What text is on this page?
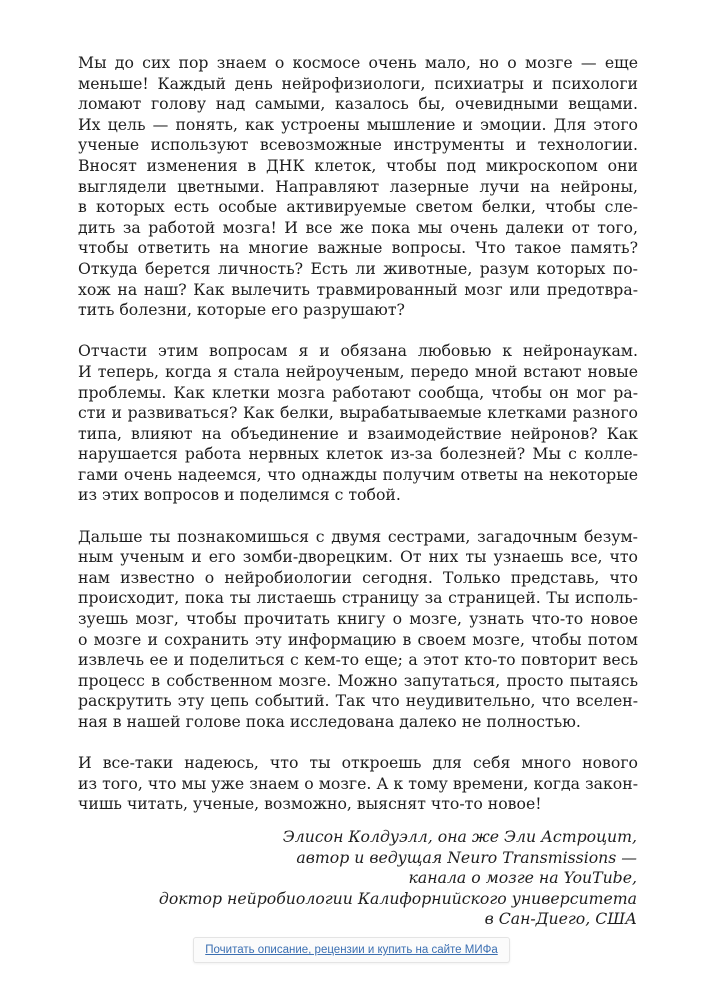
Мы до сих пор знаем о космосе очень мало, но о мозге — еще
меньше! Каждый день нейрофизиологи, психиатры и психологи
ломают голову над самыми, казалось бы, очевидными вещами.
Их цель — понять, как устроены мышление и эмоции. Для этого
ученые используют всевозможные инструменты и технологии.
Вносят изменения в ДНК клеток, чтобы под микроскопом они
выглядели цветными. Направляют лазерные лучи на нейроны,
в которых есть особые активируемые светом белки, чтобы сле-
дить за работой мозга! И все же пока мы очень далеки от того,
чтобы ответить на многие важные вопросы. Что такое память?
Откуда берется личность? Есть ли животные, разум которых по-
хож на наш? Как вылечить травмированный мозг или предотвра-
тить болезни, которые его разрушают?

Отчасти этим вопросам я и обязана любовью к нейронаукам.
И теперь, когда я стала нейроученым, передо мной встают новые
проблемы. Как клетки мозга работают сообща, чтобы он мог ра-
сти и развиваться? Как белки, вырабатываемые клетками разного
типа, влияют на объединение и взаимодействие нейронов? Как
нарушается работа нервных клеток из-за болезней? Мы с колле-
гами очень надеемся, что однажды получим ответы на некоторые
из этих вопросов и поделимся с тобой.

Дальше ты познакомишься с двумя сестрами, загадочным безум-
ным ученым и его зомби-дворецким. От них ты узнаешь все, что
нам известно о нейробиологии сегодня. Только представь, что
происходит, пока ты листаешь страницу за страницей. Ты исполь-
зуешь мозг, чтобы прочитать книгу о мозге, узнать что-то новое
о мозге и сохранить эту информацию в своем мозге, чтобы потом
извлечь ее и поделиться с кем-то еще; а этот кто-то повторит весь
процесс в собственном мозге. Можно запутаться, просто пытаясь
раскрутить эту цепь событий. Так что неудивительно, что вселен-
ная в нашей голове пока исследована далеко не полностью.

И все-таки надеюсь, что ты откроешь для себя много нового
из того, что мы уже знаем о мозге. А к тому времени, когда закон-
чишь читать, ученые, возможно, выяснят что-то новое!

Элисон Колдуэлл, она же Эли Астроцит,
автор и ведущая Neuro Transmissions —
канала о мозге на YouTube,
доктор нейробиологии Калифорнийского университета
в Сан-Диего, США
Почитать описание, рецензии и купить на сайте МИФа
